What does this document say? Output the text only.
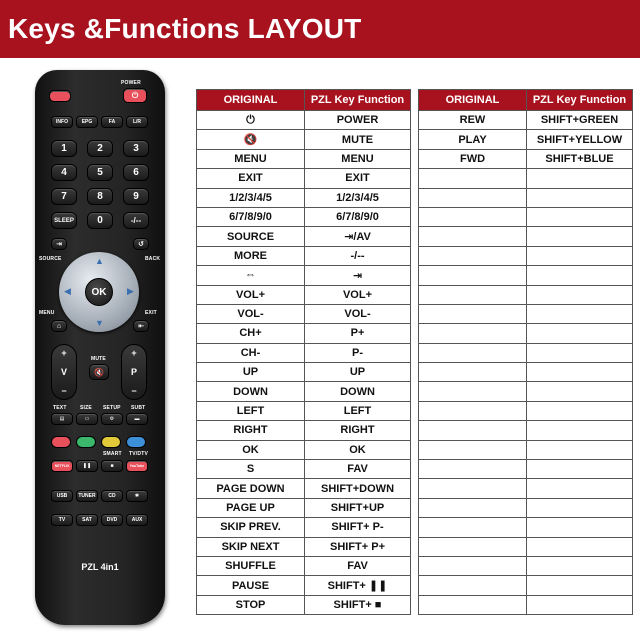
Keys &Functions LAYOUT
POWER
⏻
INFO	EPG	FA	L/R
1	2	3
4	5	6
7	8	9
SLEEP	0	-/--
⇥
SOURCE
↺
BACK
▲
▼
◀	▶
OK
MENU
⌂
EXIT
⇤
+
V
−
MUTE
🔇
+
P
−
TEXT	SIZE SETUP SUBT
▤	▭	⚙	▬
SMART TV/DTV
NETFLIX	❚❚	■	YouTube
USB	TUNER	CD	✱
TV	SAT	DVD	AUX
PZL 4in1
ORIGINAL	PZL Key Function
⏻	POWER
🔇	MUTE
MENU	MENU
EXIT	EXIT
1/2/3/4/5	1/2/3/4/5
6/7/8/9/0	6/7/8/9/0
SOURCE	⇥/AV
MORE	-/--
⇔	⇥
VOL+	VOL+
VOL-	VOL-
CH+	P+
CH-	P-
UP	UP
DOWN	DOWN
LEFT	LEFT
RIGHT	RIGHT
OK	OK
S	FAV
PAGE DOWN	SHIFT+DOWN
PAGE UP	SHIFT+UP
SKIP PREV.	SHIFT+ P-
SKIP NEXT	SHIFT+ P+
SHUFFLE	FAV
PAUSE	SHIFT+ ❚❚
STOP	SHIFT+ ■
ORIGINAL	PZL Key Function
REW	SHIFT+GREEN
PLAY	SHIFT+YELLOW
FWD	SHIFT+BLUE
